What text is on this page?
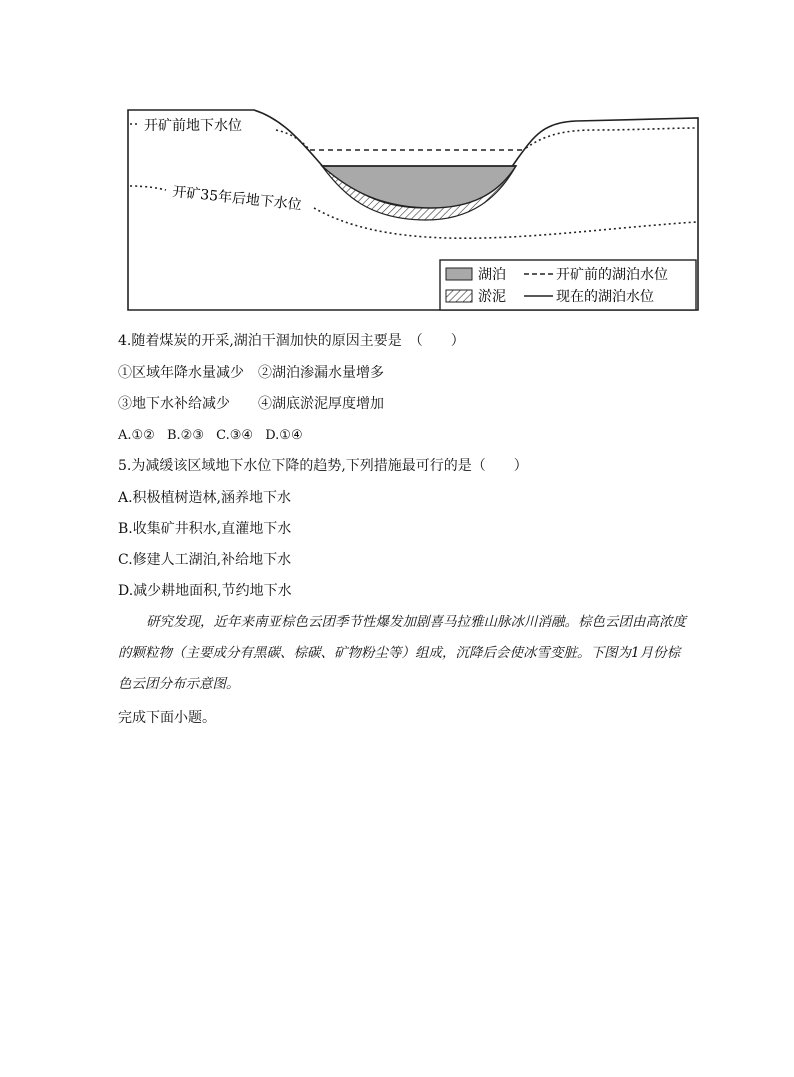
开矿前地下水位
开矿35年后地下水位
湖泊	开矿前的湖泊水位
淤泥	现在的湖泊水位
4.随着煤炭的开采,湖泊干涸加快的原因主要是　（　　）
①区域年降水量减少 ②湖泊渗漏水量增多
③地下水补给减少 ④湖底淤泥厚度增加
A.①② B.②③ C.③④ D.①④
5.为减缓该区域地下水位下降的趋势,下列措施最可行的是（　　）
A.积极植树造林,涵养地下水
B.收集矿井积水,直灌地下水
C.修建人工湖泊,补给地下水
D.减少耕地面积,节约地下水
研究发现，近年来南亚棕色云团季节性爆发加剧喜马拉雅山脉冰川消融。棕色云团由高浓度的颗粒物（主要成分有黑碳、棕碳、矿物粉尘等）组成，沉降后会使冰雪变脏。下图为1月份棕色云团分布示意图。
完成下面小题。
